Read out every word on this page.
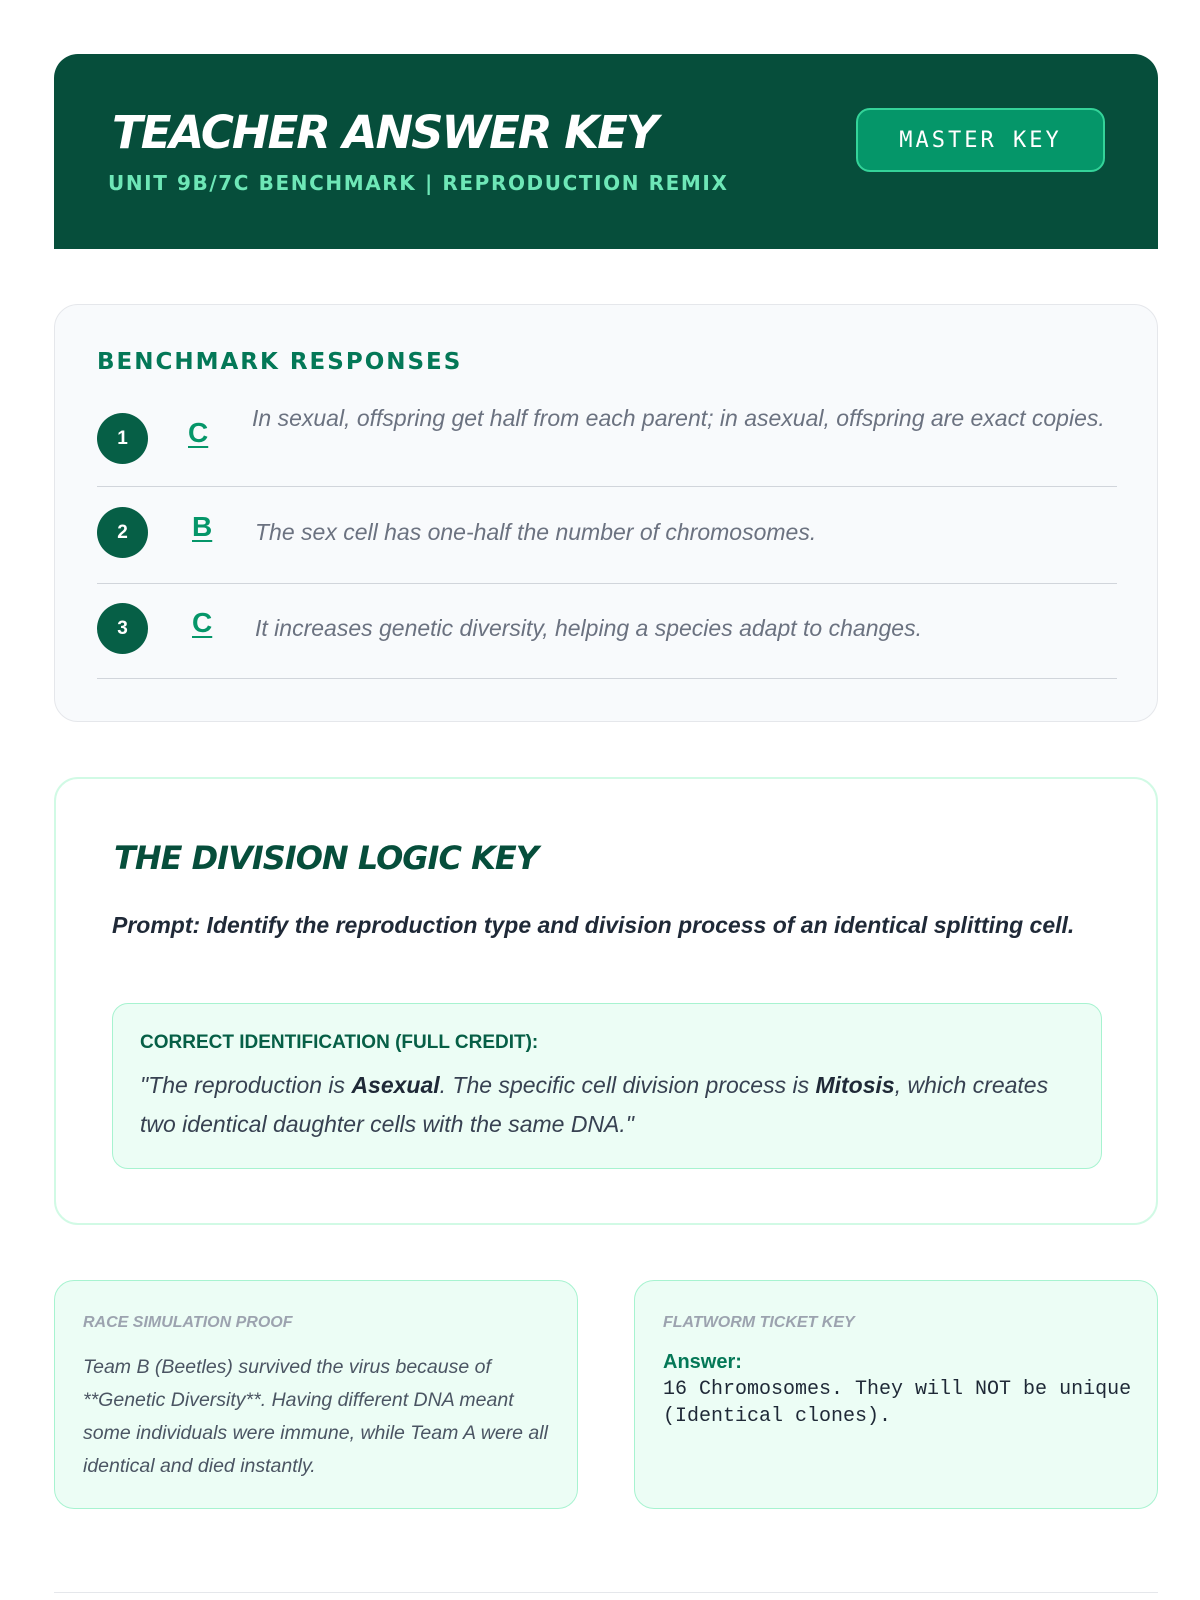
TEACHER ANSWER KEY
UNIT 9B/7C BENCHMARK | REPRODUCTION REMIX
MASTER KEY
BENCHMARK RESPONSES
1	C In sexual, offspring get half from each parent; in asexual, offspring are exact copies.
2	B The sex cell has one-half the number of chromosomes.
3	C It increases genetic diversity, helping a species adapt to changes.
THE DIVISION LOGIC KEY
Prompt: Identify the reproduction type and division process of an identical splitting cell.
CORRECT IDENTIFICATION (FULL CREDIT):
"The reproduction is Asexual. The specific cell division process is Mitosis, which creates two identical daughter cells with the same DNA."
RACE SIMULATION PROOF
Team B (Beetles) survived the virus because of **Genetic Diversity**. Having different DNA meant some individuals were immune, while Team A were all identical and died instantly.
FLATWORM TICKET KEY
Answer:
16 Chromosomes. They will NOT be unique (Identical clones).
